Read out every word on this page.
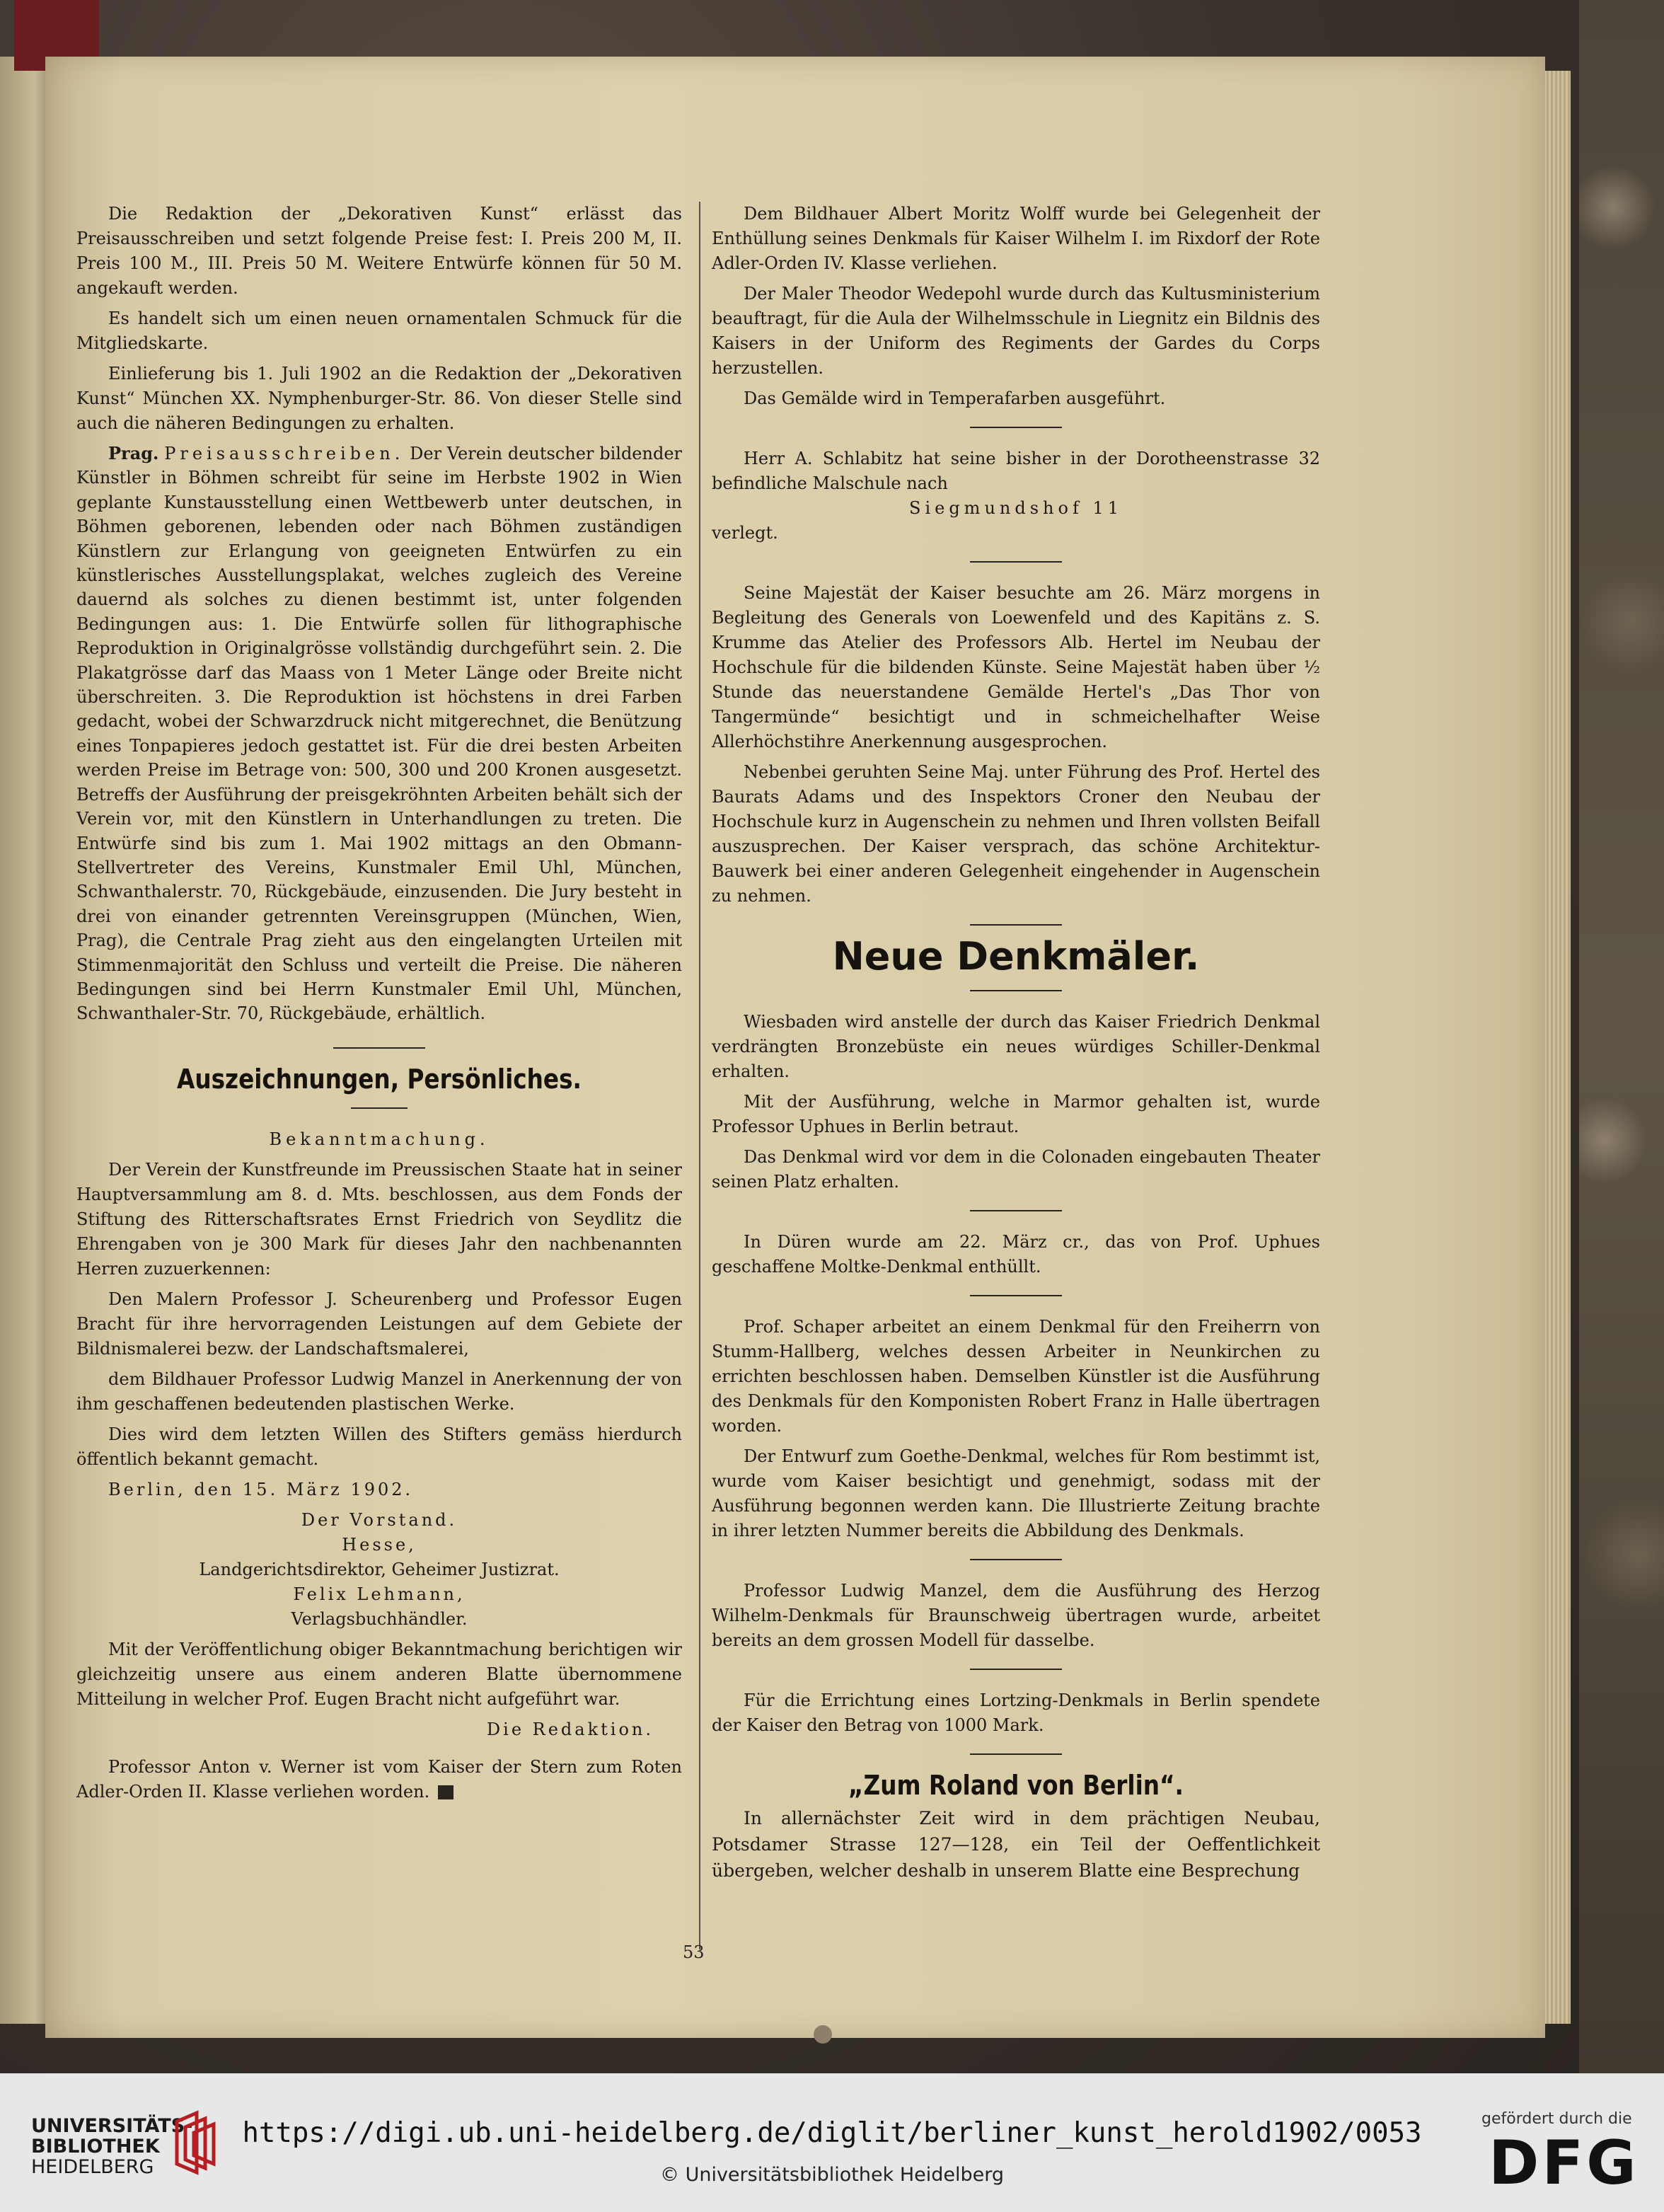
Die Redaktion der „Dekorativen Kunst“ erlässt das Preisausschreiben und setzt folgende Preise fest: I. Preis 200 M, II. Preis 100 M., III. Preis 50 M. Weitere Entwürfe können für 50 M. angekauft werden.

Es handelt sich um einen neuen ornamentalen Schmuck für die Mitgliedskarte.

Einlieferung bis 1. Juli 1902 an die Redaktion der „Dekorativen Kunst“ München XX. Nymphenburger-Str. 86. Von dieser Stelle sind auch die näheren Bedingungen zu erhalten.

Prag. Preisausschreiben. Der Verein deutscher bildender Künstler in Böhmen schreibt für seine im Herbste 1902 in Wien geplante Kunstausstellung einen Wettbewerb unter deutschen, in Böhmen geborenen, lebenden oder nach Böhmen zuständigen Künstlern zur Erlangung von geeigneten Entwürfen zu ein künstlerisches Ausstellungsplakat, welches zugleich des Vereine dauernd als solches zu dienen bestimmt ist, unter folgenden Bedingungen aus: 1. Die Entwürfe sollen für lithographische Reproduktion in Originalgrösse vollständig durchgeführt sein. 2. Die Plakatgrösse darf das Maass von 1 Meter Länge oder Breite nicht überschreiten. 3. Die Reproduktion ist höchstens in drei Farben gedacht, wobei der Schwarzdruck nicht mitgerechnet, die Benützung eines Tonpapieres jedoch gestattet ist. Für die drei besten Arbeiten werden Preise im Betrage von: 500, 300 und 200 Kronen ausgesetzt. Betreffs der Ausführung der preisgekröhnten Arbeiten behält sich der Verein vor, mit den Künstlern in Unterhandlungen zu treten. Die Entwürfe sind bis zum 1. Mai 1902 mittags an den Obmann-Stellvertreter des Vereins, Kunstmaler Emil Uhl, München, Schwanthalerstr. 70, Rückgebäude, einzusenden. Die Jury besteht in drei von einander getrennten Vereinsgruppen (München, Wien, Prag), die Centrale Prag zieht aus den eingelangten Urteilen mit Stimmenmajorität den Schluss und verteilt die Preise. Die näheren Bedingungen sind bei Herrn Kunstmaler Emil Uhl, München, Schwanthaler-Str. 70, Rückgebäude, erhältlich.

Auszeichnungen, Persönliches.

Bekanntmachung.

Der Verein der Kunstfreunde im Preussischen Staate hat in seiner Hauptversammlung am 8. d. Mts. beschlossen, aus dem Fonds der Stiftung des Ritterschaftsrates Ernst Friedrich von Seydlitz die Ehrengaben von je 300 Mark für dieses Jahr den nachbenannten Herren zuzuerkennen:

Den Malern Professor J. Scheurenberg und Professor Eugen Bracht für ihre hervorragenden Leistungen auf dem Gebiete der Bildnismalerei bezw. der Landschaftsmalerei,

dem Bildhauer Professor Ludwig Manzel in Anerkennung der von ihm geschaffenen bedeutenden plastischen Werke.

Dies wird dem letzten Willen des Stifters gemäss hierdurch öffentlich bekannt gemacht.

Berlin, den 15. März 1902.

Der Vorstand.
Hesse,
Landgerichtsdirektor, Geheimer Justizrat.
Felix Lehmann,
Verlagsbuchhändler.

Mit der Veröffentlichung obiger Bekanntmachung berichtigen wir gleichzeitig unsere aus einem anderen Blatte übernommene Mitteilung in welcher Prof. Eugen Bracht nicht aufgeführt war.

Die Redaktion.

Professor Anton v. Werner ist vom Kaiser der Stern zum Roten Adler-Orden II. Klasse verliehen worden.

Dem Bildhauer Albert Moritz Wolff wurde bei Gelegenheit der Enthüllung seines Denkmals für Kaiser Wilhelm I. im Rixdorf der Rote Adler-Orden IV. Klasse verliehen.

Der Maler Theodor Wedepohl wurde durch das Kultusministerium beauftragt, für die Aula der Wilhelmsschule in Liegnitz ein Bildnis des Kaisers in der Uniform des Regiments der Gardes du Corps herzustellen.

Das Gemälde wird in Temperafarben ausgeführt.

Herr A. Schlabitz hat seine bisher in der Dorotheenstrasse 32 befindliche Malschule nach

Siegmundshof 11

verlegt.

Seine Majestät der Kaiser besuchte am 26. März morgens in Begleitung des Generals von Loewenfeld und des Kapitäns z. S. Krumme das Atelier des Professors Alb. Hertel im Neubau der Hochschule für die bildenden Künste. Seine Majestät haben über ½ Stunde das neuerstandene Gemälde Hertel's „Das Thor von Tangermünde“ besichtigt und in schmeichelhafter Weise Allerhöchstihre Anerkennung ausgesprochen.

Nebenbei geruhten Seine Maj. unter Führung des Prof. Hertel des Baurats Adams und des Inspektors Croner den Neubau der Hochschule kurz in Augenschein zu nehmen und Ihren vollsten Beifall auszusprechen. Der Kaiser versprach, das schöne Architektur-Bauwerk bei einer anderen Gelegenheit eingehender in Augenschein zu nehmen.

Neue Denkmäler.

Wiesbaden wird anstelle der durch das Kaiser Friedrich Denkmal verdrängten Bronzebüste ein neues würdiges Schiller-Denkmal erhalten.

Mit der Ausführung, welche in Marmor gehalten ist, wurde Professor Uphues in Berlin betraut.

Das Denkmal wird vor dem in die Colonaden eingebauten Theater seinen Platz erhalten.

In Düren wurde am 22. März cr., das von Prof. Uphues geschaffene Moltke-Denkmal enthüllt.

Prof. Schaper arbeitet an einem Denkmal für den Freiherrn von Stumm-Hallberg, welches dessen Arbeiter in Neunkirchen zu errichten beschlossen haben. Demselben Künstler ist die Ausführung des Denkmals für den Komponisten Robert Franz in Halle übertragen worden.

Der Entwurf zum Goethe-Denkmal, welches für Rom bestimmt ist, wurde vom Kaiser besichtigt und genehmigt, sodass mit der Ausführung begonnen werden kann. Die Illustrierte Zeitung brachte in ihrer letzten Nummer bereits die Abbildung des Denkmals.

Professor Ludwig Manzel, dem die Ausführung des Herzog Wilhelm-Denkmals für Braunschweig übertragen wurde, arbeitet bereits an dem grossen Modell für dasselbe.

Für die Errichtung eines Lortzing-Denkmals in Berlin spendete der Kaiser den Betrag von 1000 Mark.

„Zum Roland von Berlin“.

In allernächster Zeit wird in dem prächtigen Neubau, Potsdamer Strasse 127—128, ein Teil der Oeffentlichkeit übergeben, welcher deshalb in unserem Blatte eine Besprechung

53
UNIVERSITÄTS-
BIBLIOTHEK
HEIDELBERG
https://digi.ub.uni-heidelberg.de/diglit/berliner_kunst_herold1902/0053
© Universitätsbibliothek Heidelberg
gefördert durch die
DFG
